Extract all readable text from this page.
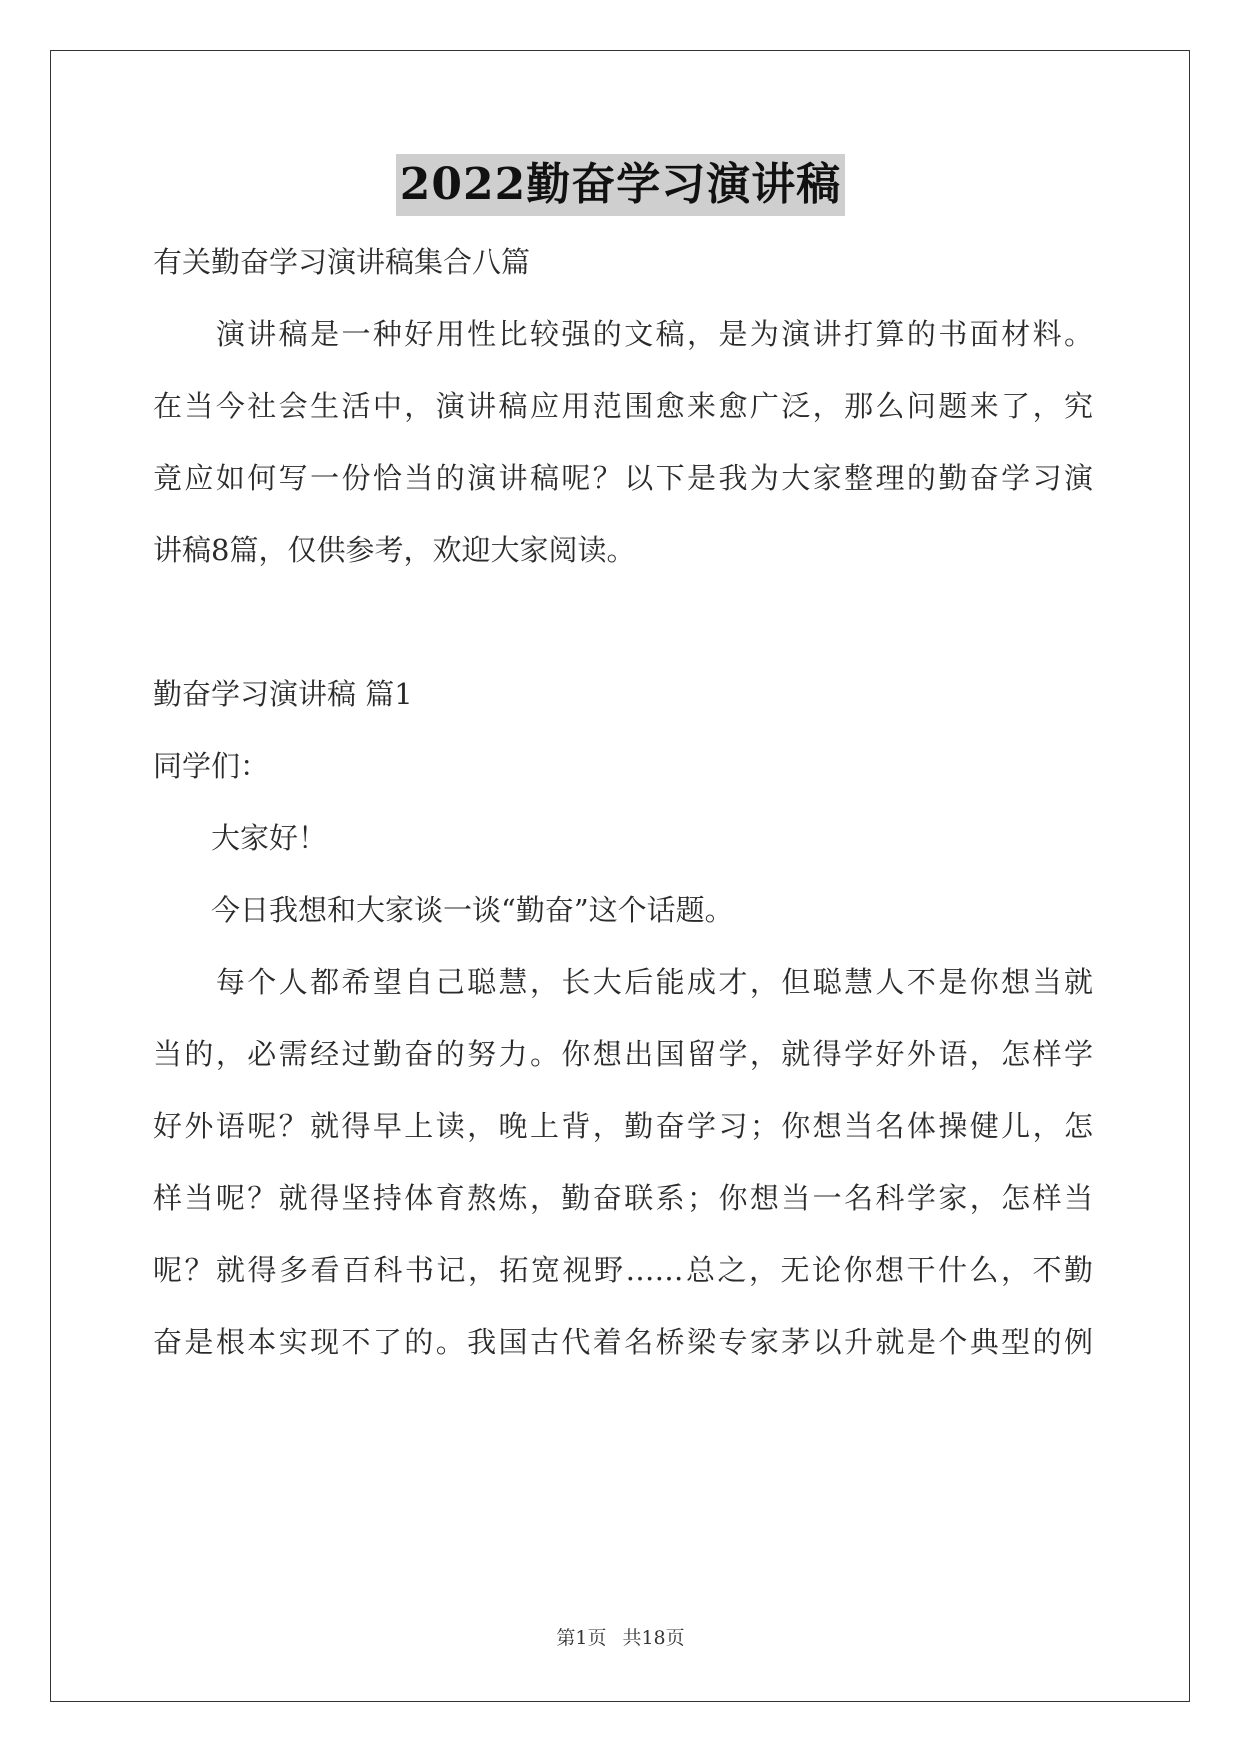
2022勤奋学习演讲稿
有关勤奋学习演讲稿集合八篇
　　演讲稿是一种好用性比较强的文稿，是为演讲打算的书面材料。
在当今社会生活中，演讲稿应用范围愈来愈广泛，那么问题来了，究
竟应如何写一份恰当的演讲稿呢？以下是我为大家整理的勤奋学习演
讲稿8篇，仅供参考，欢迎大家阅读。
勤奋学习演讲稿 篇1
同学们：
　　大家好！
　　今日我想和大家谈一谈“勤奋”这个话题。
　　每个人都希望自己聪慧，长大后能成才，但聪慧人不是你想当就
当的，必需经过勤奋的努力。你想出国留学，就得学好外语，怎样学
好外语呢？就得早上读，晚上背，勤奋学习；你想当名体操健儿，怎
样当呢？就得坚持体育熬炼，勤奋联系；你想当一名科学家，怎样当
呢？就得多看百科书记，拓宽视野……总之，无论你想干什么，不勤
奋是根本实现不了的。我国古代着名桥梁专家茅以升就是个典型的例
第1页 共18页
